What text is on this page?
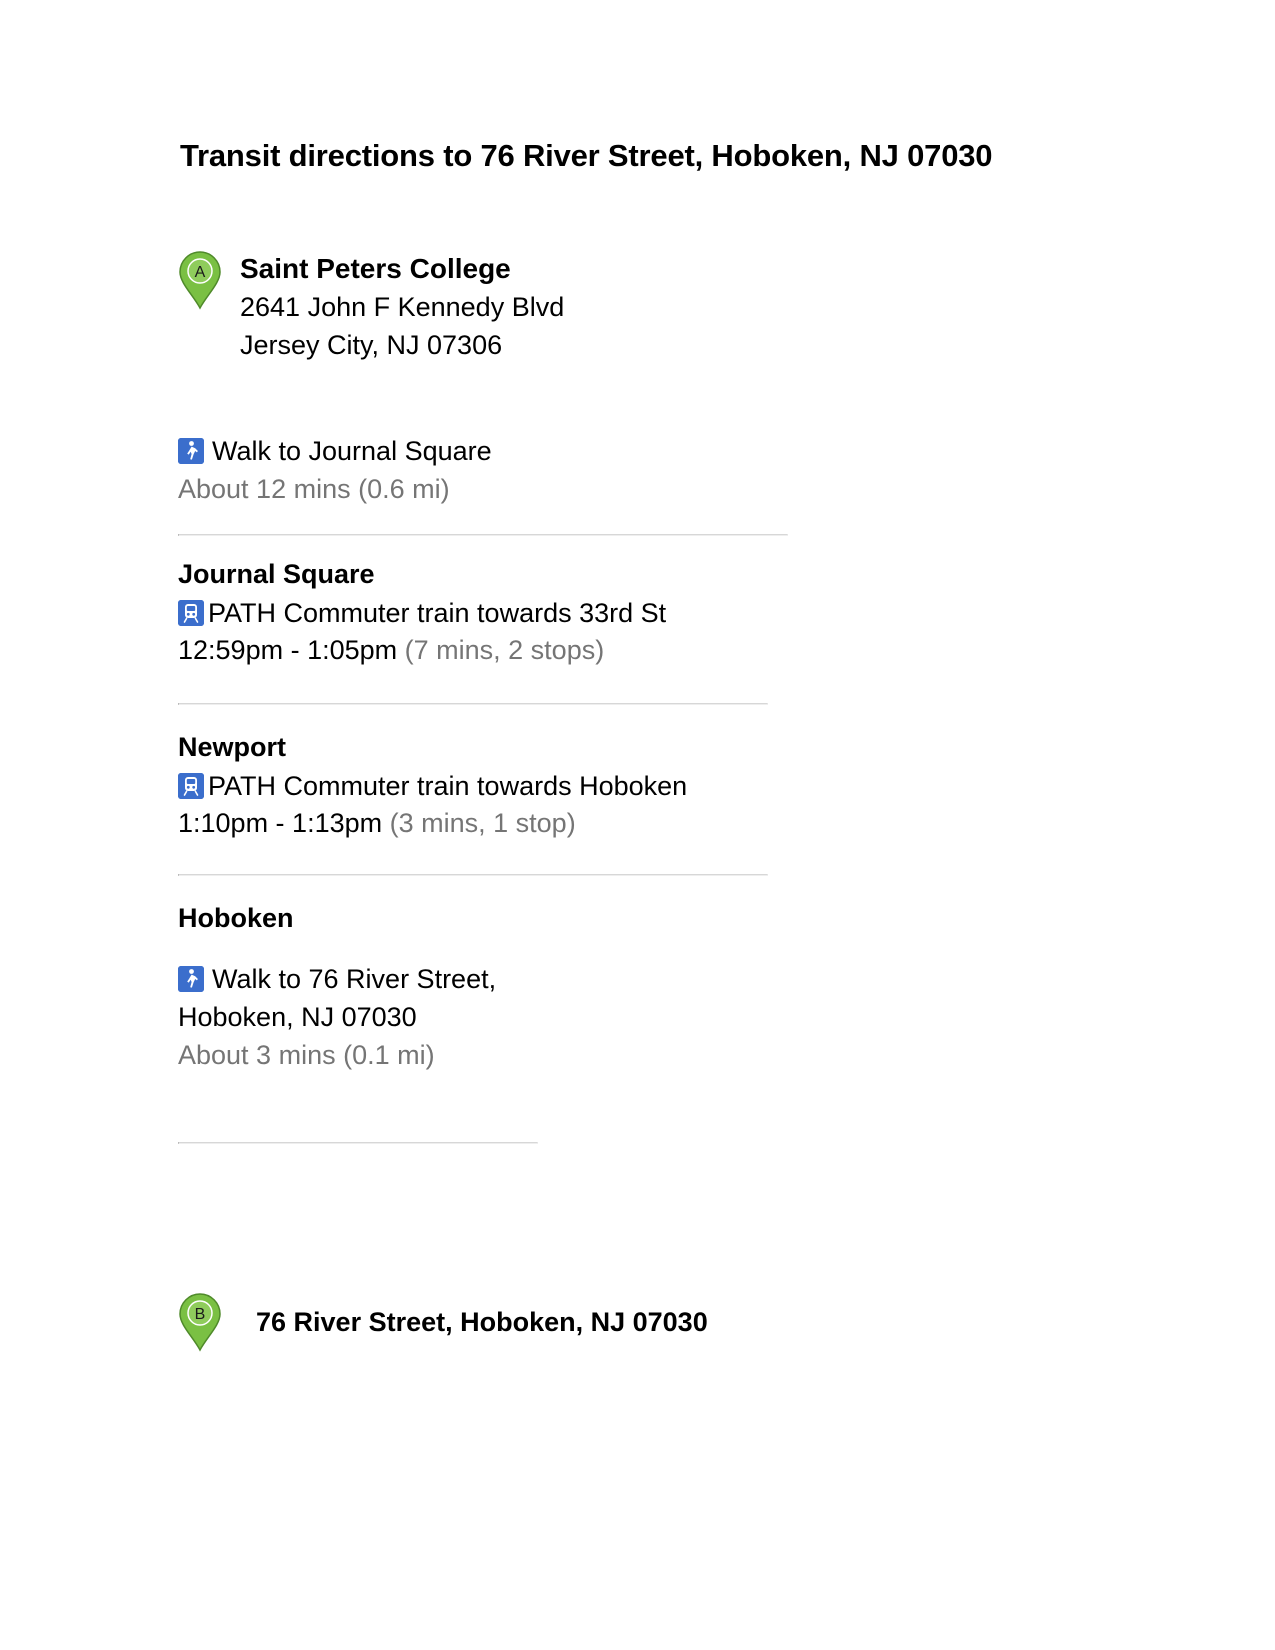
Transit directions to 76 River Street, Hoboken, NJ 07030
A Saint Peters College
2641 John F Kennedy Blvd
Jersey City, NJ 07306
Walk to Journal Square
About 12 mins (0.6 mi)
Journal Square
PATH Commuter train towards 33rd St
12:59pm - 1:05pm (7 mins, 2 stops)
Newport
PATH Commuter train towards Hoboken
1:10pm - 1:13pm (3 mins, 1 stop)
Hoboken
Walk to 76 River Street, Hoboken, NJ 07030
About 3 mins (0.1 mi)
B 76 River Street, Hoboken, NJ 07030
